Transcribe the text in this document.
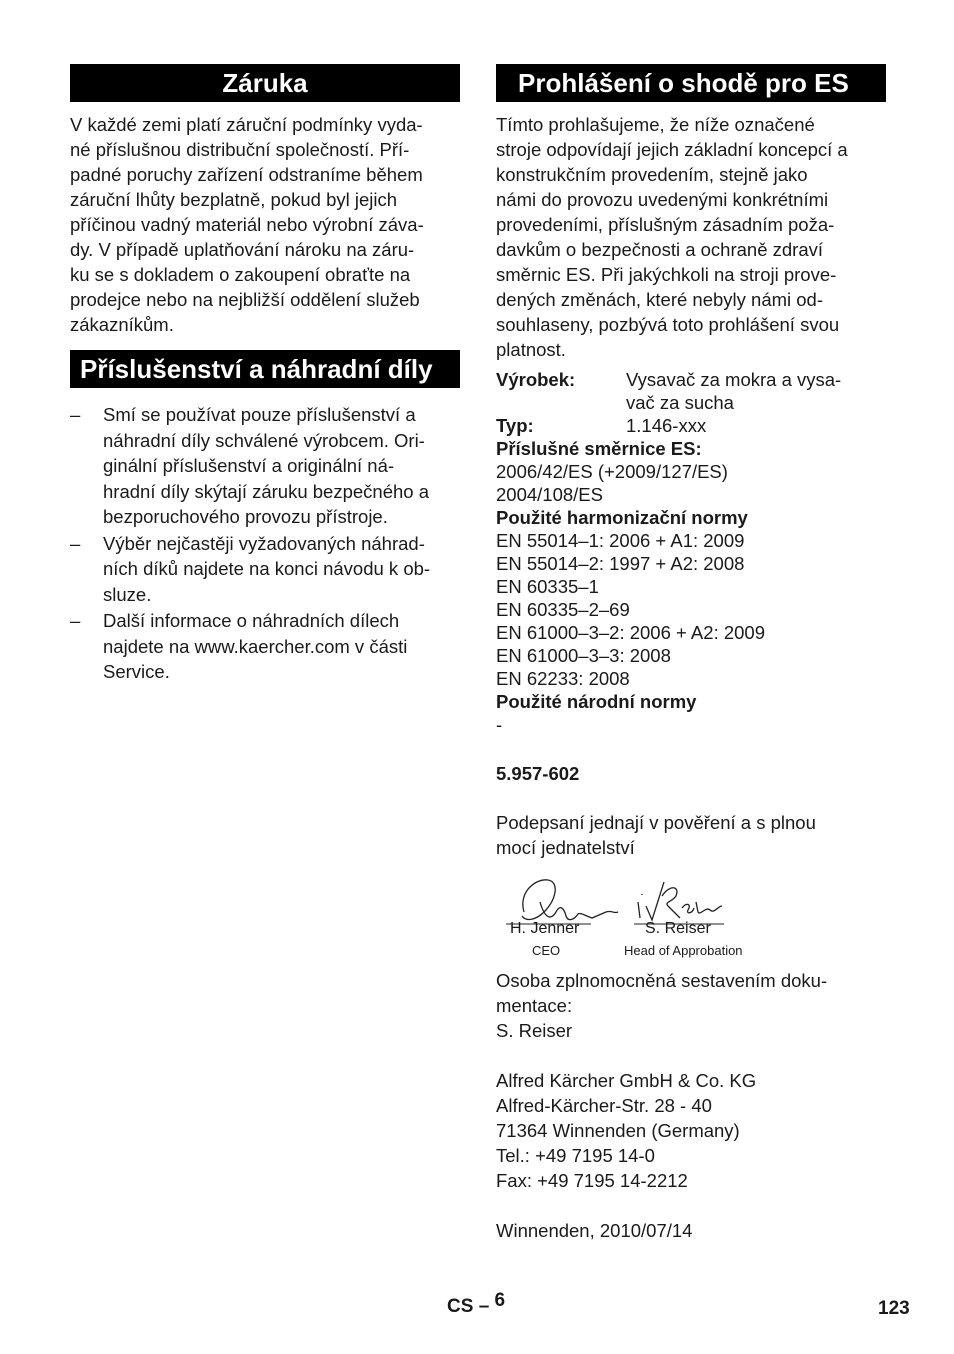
Záruka
V každé zemi platí záruční podmínky vyda-
né příslušnou distribuční společností. Pří-
padné poruchy zařízení odstraníme během
záruční lhůty bezplatně, pokud byl jejich
příčinou vadný materiál nebo výrobní záva-
dy. V případě uplatňování nároku na záru-
ku se s dokladem o zakoupení obraťte na
prodejce nebo na nejbližší oddělení služeb
zákazníkům.
Příslušenství a náhradní díly
– Smí se používat pouze příslušenství a
náhradní díly schválené výrobcem. Ori-
ginální příslušenství a originální ná-
hradní díly skýtají záruku bezpečného a
bezporuchového provozu přístroje.
– Výběr nejčastěji vyžadovaných náhrad-
ních díků najdete na konci návodu k ob-
sluze.
– Další informace o náhradních dílech
najdete na www.kaercher.com v části
Service.
Prohlášení o shodě pro ES
Tímto prohlašujeme, že níže označené
stroje odpovídají jejich základní koncepcí a
konstrukčním provedením, stejně jako
námi do provozu uvedenými konkrétními
provedeními, příslušným zásadním poža-
davkům o bezpečnosti a ochraně zdraví
směrnic ES. Při jakýchkoli na stroji prove-
dených změnách, které nebyly námi od-
souhlaseny, pozbývá toto prohlášení svou
platnost.
Výrobek:	Vysavač za mokra a vysa-
vač za sucha
Typ:	1.146-xxx
Příslušné směrnice ES:
2006/42/ES (+2009/127/ES)
2004/108/ES
Použité harmonizační normy
EN 55014–1: 2006 + A1: 2009
EN 55014–2: 1997 + A2: 2008
EN 60335–1
EN 60335–2–69
EN 61000–3–2: 2006 + A2: 2009
EN 61000–3–3: 2008
EN 62233: 2008
Použité národní normy
-
5.957-602
Podepsaní jednají v pověření a s plnou
mocí jednatelství
H. Jenner
CEO
S. Reiser
Head of Approbation
Osoba zplnomocněná sestavením doku-
mentace:
S. Reiser
Alfred Kärcher GmbH & Co. KG
Alfred-Kärcher-Str. 28 - 40
71364 Winnenden (Germany)
Tel.: +49 7195 14-0
Fax: +49 7195 14-2212
Winnenden, 2010/07/14
CS – 6	123
